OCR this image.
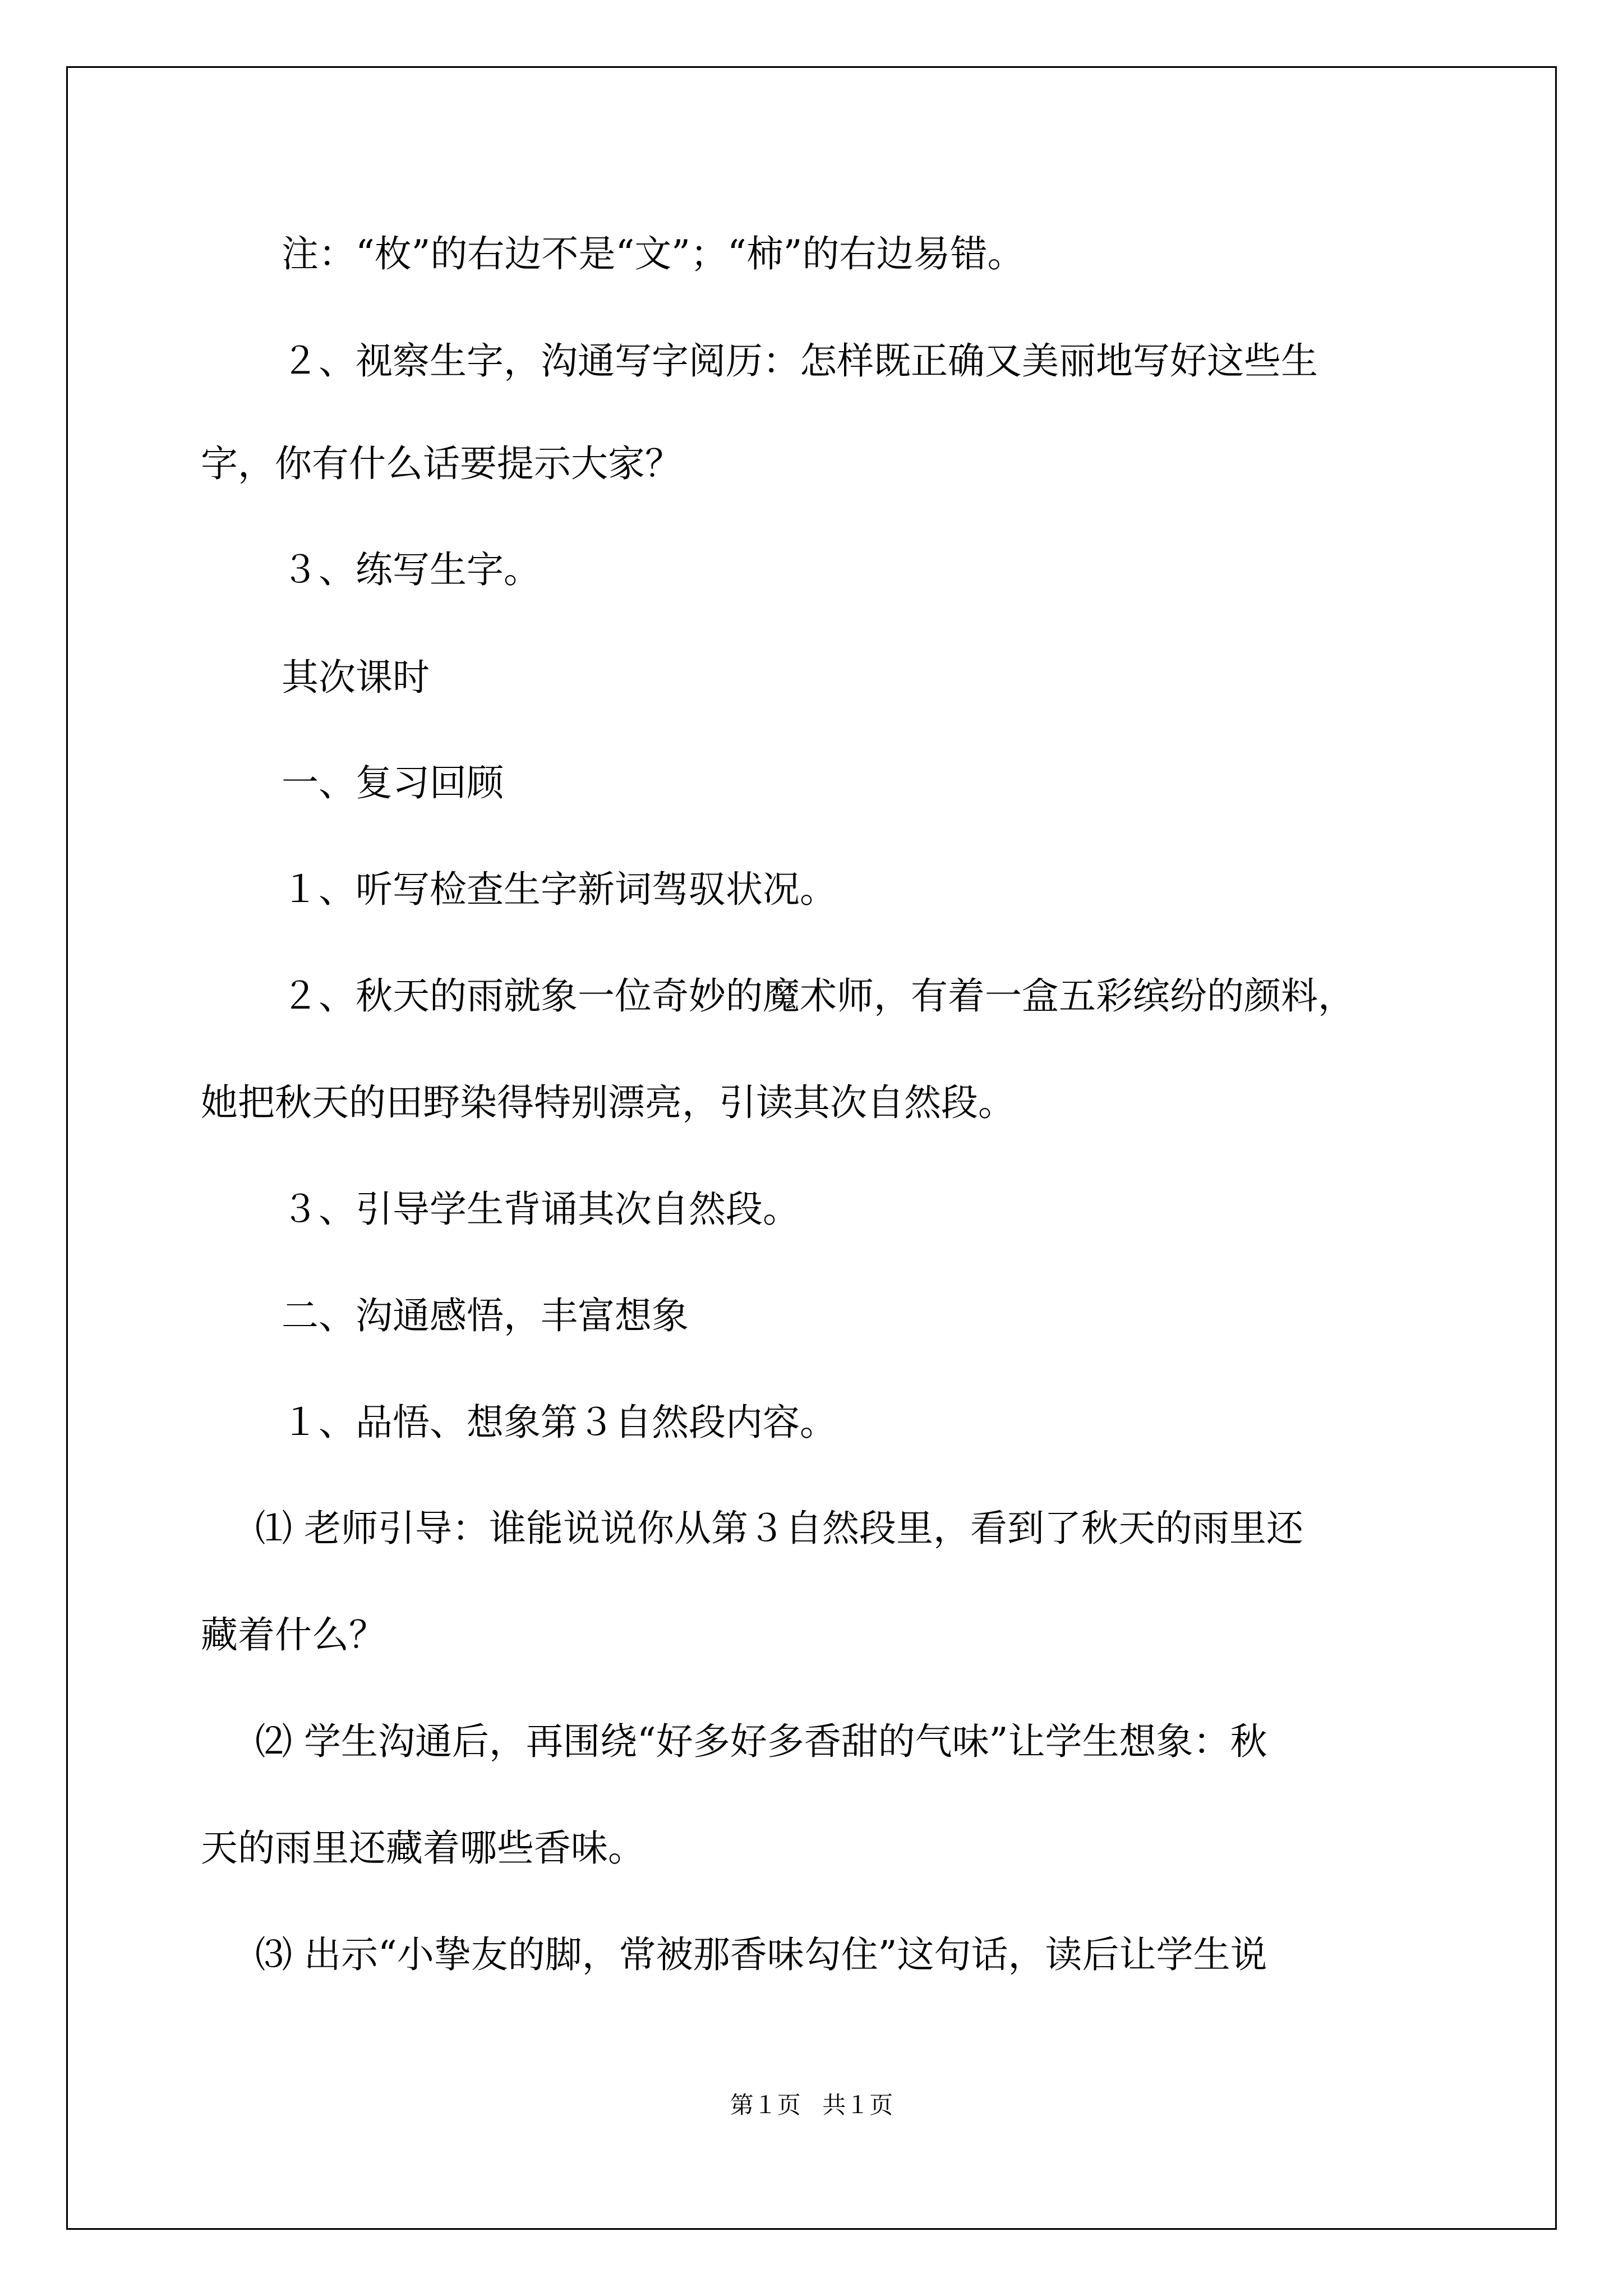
注：“枚”的右边不是“文”；“柿”的右边易错。

２、视察生字，沟通写字阅历：怎样既正确又美丽地写好这些生

字，你有什么话要提示大家？

３、练写生字。

其次课时

一、复习回顾

１、听写检查生字新词驾驭状况。

２、秋天的雨就象一位奇妙的魔术师，有着一盒五彩缤纷的颜料，

她把秋天的田野染得特别漂亮，引读其次自然段。

３、引导学生背诵其次自然段。

二、沟通感悟，丰富想象

１、品悟、想象第３自然段内容。

⑴ 老师引导：谁能说说你从第３自然段里，看到了秋天的雨里还

藏着什么？

⑵ 学生沟通后，再围绕“好多好多香甜的气味”让学生想象：秋

天的雨里还藏着哪些香味。

⑶ 出示“小挚友的脚，常被那香味勾住”这句话，读后让学生说

第１页 共１页
